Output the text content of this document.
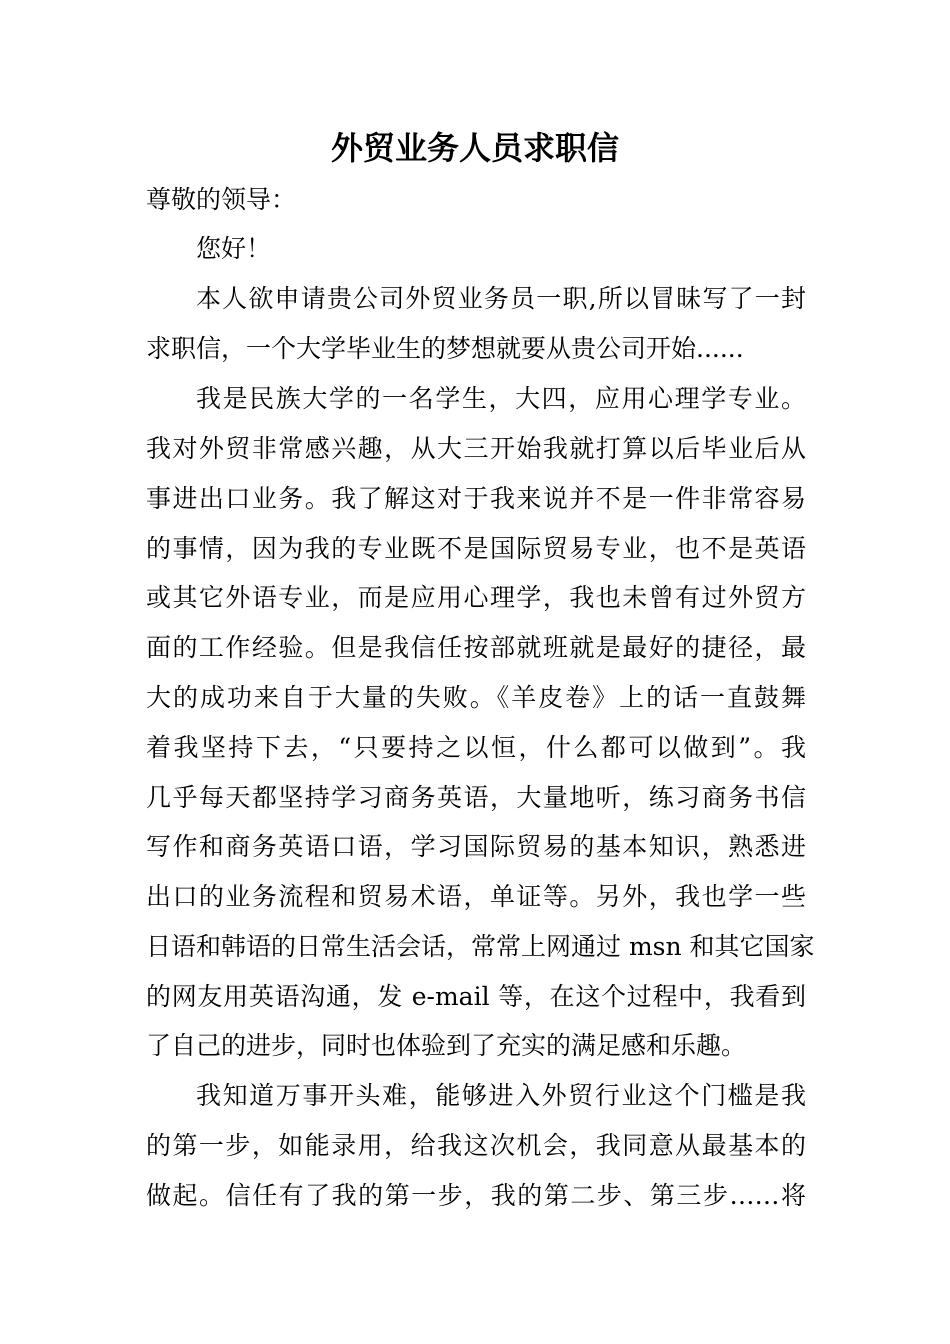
外贸业务人员求职信

尊敬的领导：

您好！

本人欲申请贵公司外贸业务员一职,所以冒昧写了一封

求职信，一个大学毕业生的梦想就要从贵公司开始......

我是民族大学的一名学生，大四，应用心理学专业。

我对外贸非常感兴趣，从大三开始我就打算以后毕业后从

事进出口业务。我了解这对于我来说并不是一件非常容易

的事情，因为我的专业既不是国际贸易专业，也不是英语

或其它外语专业，而是应用心理学，我也未曾有过外贸方

面的工作经验。但是我信任按部就班就是最好的捷径，最

大的成功来自于大量的失败。《羊皮卷》上的话一直鼓舞

着我坚持下去，“只要持之以恒，什么都可以做到”。我

几乎每天都坚持学习商务英语，大量地听，练习商务书信

写作和商务英语口语，学习国际贸易的基本知识，熟悉进

出口的业务流程和贸易术语，单证等。另外，我也学一些

日语和韩语的日常生活会话，常常上网通过 msn 和其它国家

的网友用英语沟通，发 e-mail 等，在这个过程中，我看到

了自己的进步，同时也体验到了充实的满足感和乐趣。

我知道万事开头难，能够进入外贸行业这个门槛是我

的第一步，如能录用，给我这次机会，我同意从最基本的

做起。信任有了我的第一步，我的第二步、第三步……将
